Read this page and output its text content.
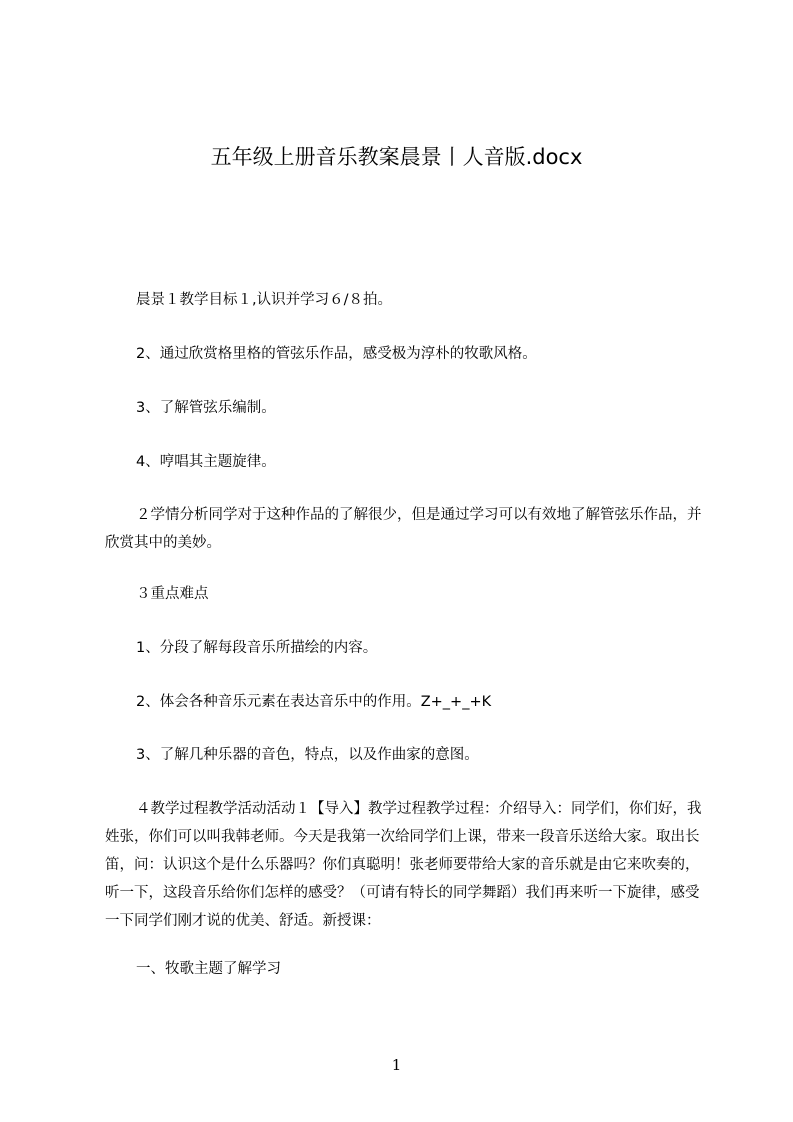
五年级上册音乐教案晨景丨人音版.docx
晨景１教学目标１,认识并学习６/８拍。
2、通过欣赏格里格的管弦乐作品，感受极为淳朴的牧歌风格。
3、了解管弦乐编制。
4、哼唱其主题旋律。
２学情分析同学对于这种作品的了解很少，但是通过学习可以有效地了解管弦乐作品，并欣赏其中的美妙。
３重点难点
1、分段了解每段音乐所描绘的内容。
2、体会各种音乐元素在表达音乐中的作用。Z+_+_+K
3、了解几种乐器的音色，特点，以及作曲家的意图。
４教学过程教学活动活动１【导入】教学过程教学过程：介绍导入：同学们，你们好，我姓张，你们可以叫我韩老师。今天是我第一次给同学们上课，带来一段音乐送给大家。取出长笛，问：认识这个是什么乐器吗？你们真聪明！张老师要带给大家的音乐就是由它来吹奏的，听一下，这段音乐给你们怎样的感受？（可请有特长的同学舞蹈）我们再来听一下旋律，感受一下同学们刚才说的优美、舒适。新授课：
一、牧歌主题了解学习
1
